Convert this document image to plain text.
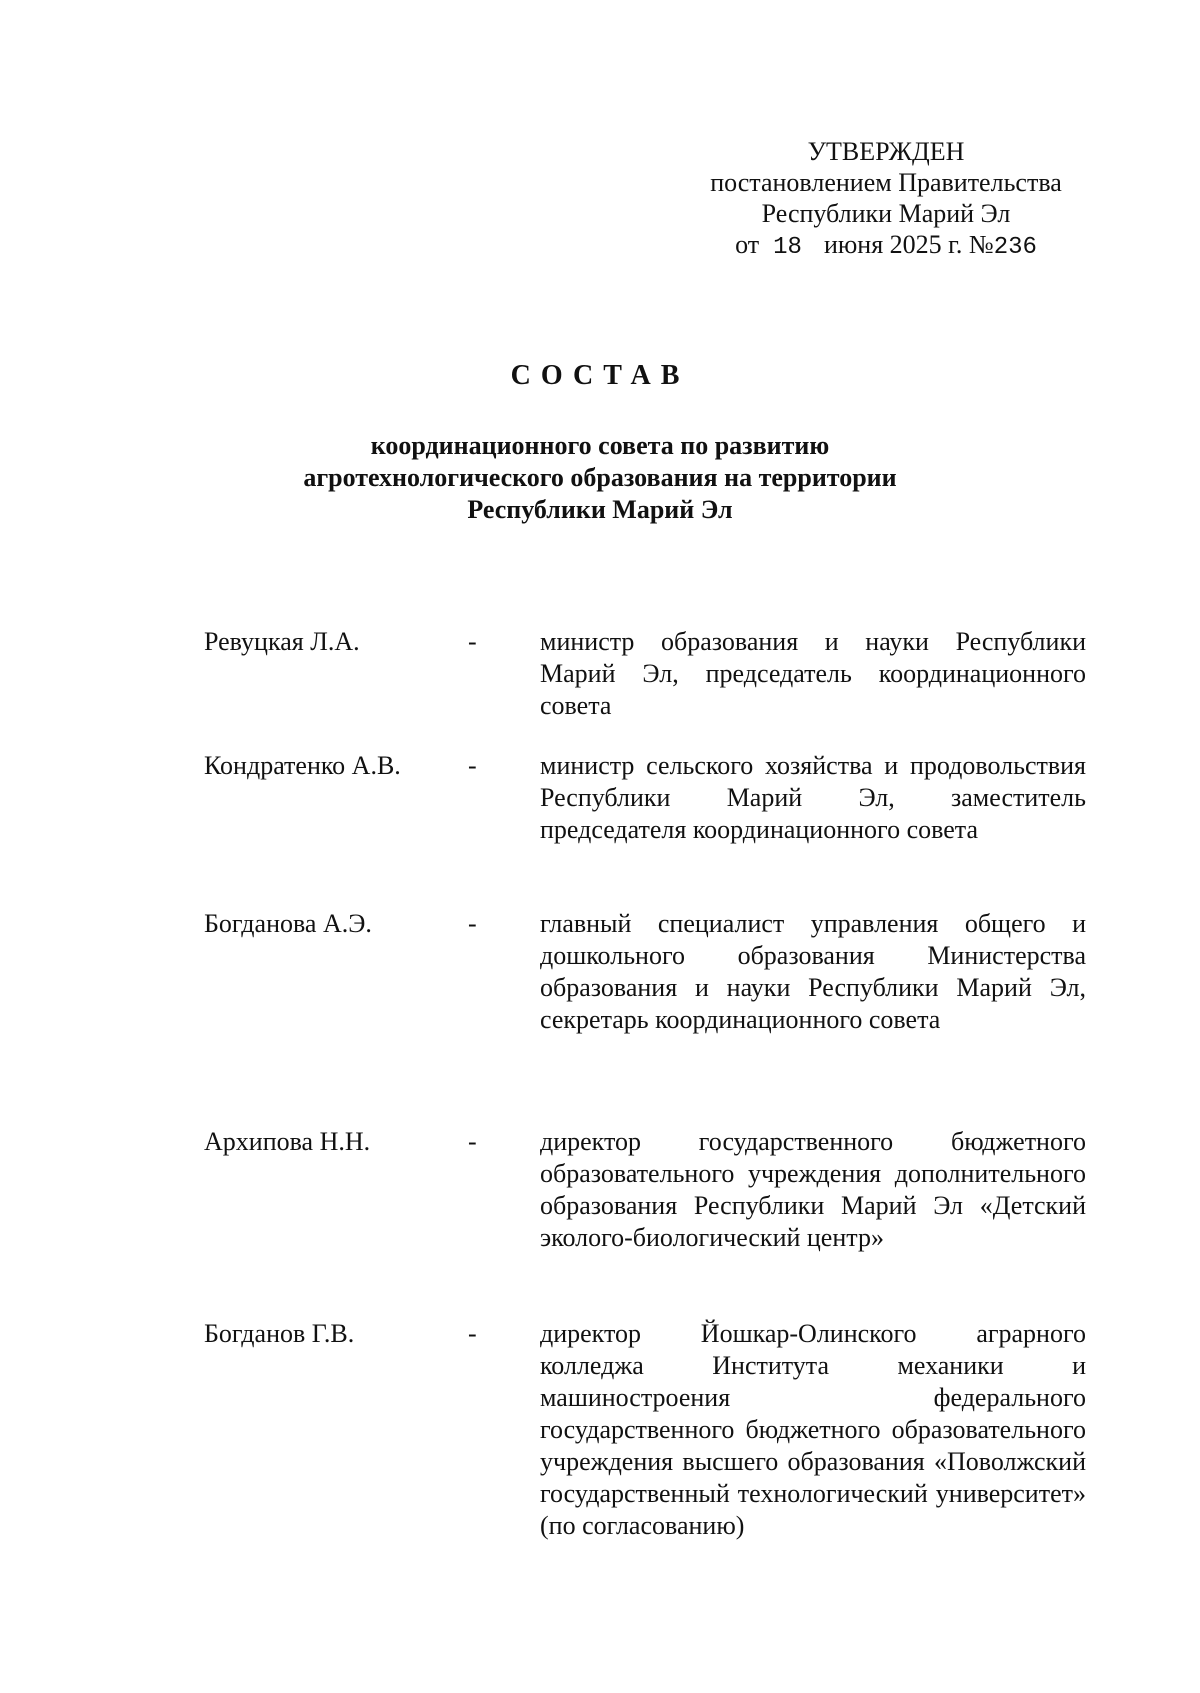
УТВЕРЖДЕН
постановлением Правительства
Республики Марий Эл
от 18 июня 2025 г. №236
СОСТАВ
координационного совета по развитию
агротехнологического образования на территории
Республики Марий Эл
Ревуцкая Л.А.	-	министр образования и науки Республики Марий Эл, председатель координационного совета
Кондратенко А.В.	-	министр сельского хозяйства и продовольствия Республики Марий Эл, заместитель председателя координационного совета
Богданова А.Э.	-	главный специалист управления общего и дошкольного образования Министерства образования и науки Республики Марий Эл, секретарь координационного совета
Архипова Н.Н.	-	директор государственного бюджетного образовательного учреждения дополнительного образования Республики Марий Эл «Детский эколого-биологический центр»
Богданов Г.В.	-	директор Йошкар-Олинского аграрного колледжа Института механики и машиностроения федерального государственного бюджетного образовательного учреждения высшего образования «Поволжский государственный технологический университет» (по согласованию)
